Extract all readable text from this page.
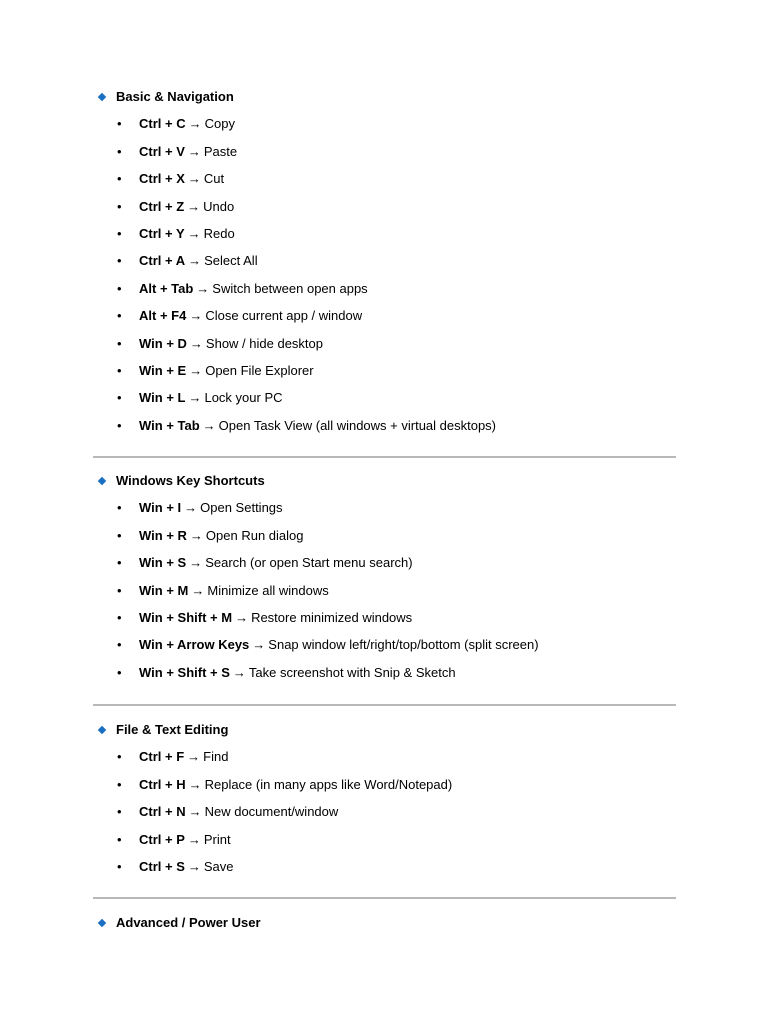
Basic & Navigation
• Ctrl + C → Copy
• Ctrl + V → Paste
• Ctrl + X → Cut
• Ctrl + Z → Undo
• Ctrl + Y → Redo
• Ctrl + A → Select All
• Alt + Tab → Switch between open apps
• Alt + F4 → Close current app / window
• Win + D → Show / hide desktop
• Win + E → Open File Explorer
• Win + L → Lock your PC
• Win + Tab → Open Task View (all windows + virtual desktops)
Windows Key Shortcuts
• Win + I → Open Settings
• Win + R → Open Run dialog
• Win + S → Search (or open Start menu search)
• Win + M → Minimize all windows
• Win + Shift + M → Restore minimized windows
• Win + Arrow Keys → Snap window left/right/top/bottom (split screen)
• Win + Shift + S → Take screenshot with Snip & Sketch
File & Text Editing
• Ctrl + F → Find
• Ctrl + H → Replace (in many apps like Word/Notepad)
• Ctrl + N → New document/window
• Ctrl + P → Print
• Ctrl + S → Save
Advanced / Power User
